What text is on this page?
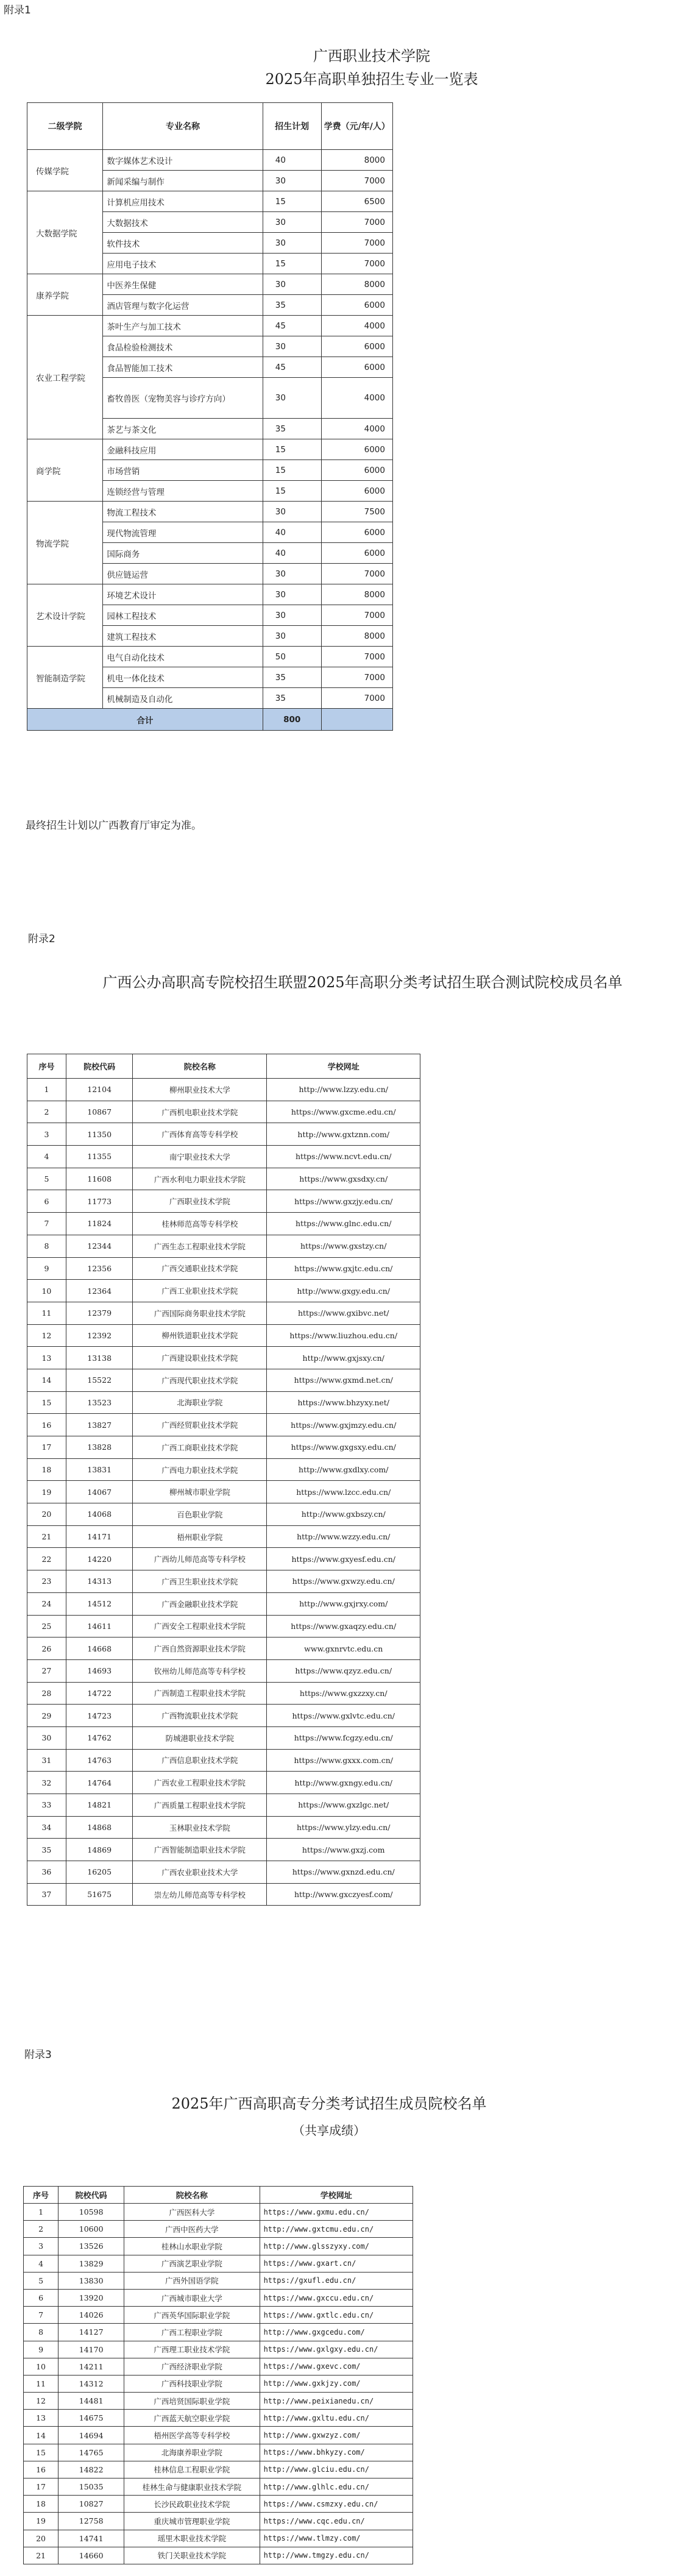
附录1
广西职业技术学院
2025年高职单独招生专业一览表
二级学院	专业名称	招生计划	学费（元/年/人）
传媒学院	数字媒体艺术设计	40	8000
	新闻采编与制作	30	7000
大数据学院	计算机应用技术	15	6500
	大数据技术	30	7000
	软件技术	30	7000
	应用电子技术	15	7000
康养学院	中医养生保健	30	8000
	酒店管理与数字化运营	35	6000
农业工程学院	茶叶生产与加工技术	45	4000
	食品检验检测技术	30	6000
	食品智能加工技术	45	6000
	畜牧兽医（宠物美容与诊疗方向）	30	4000
	茶艺与茶文化	35	4000
商学院	金融科技应用	15	6000
	市场营销	15	6000
	连锁经营与管理	15	6000
物流学院	物流工程技术	30	7500
	现代物流管理	40	6000
	国际商务	40	6000
	供应链运营	30	7000
艺术设计学院	环境艺术设计	30	8000
	园林工程技术	30	7000
	建筑工程技术	30	8000
智能制造学院	电气自动化技术	50	7000
	机电一体化技术	35	7000
	机械制造及自动化	35	7000
合计		800	
最终招生计划以广西教育厅审定为准。
附录2
广西公办高职高专院校招生联盟2025年高职分类考试招生联合测试院校成员名单
序号	院校代码	院校名称	学校网址
1	12104	柳州职业技术大学	http://www.lzzy.edu.cn/
2	10867	广西机电职业技术学院	https://www.gxcme.edu.cn/
3	11350	广西体育高等专科学校	http://www.gxtznn.com/
4	11355	南宁职业技术大学	https://www.ncvt.edu.cn/
5	11608	广西水利电力职业技术学院	https://www.gxsdxy.cn/
6	11773	广西职业技术学院	https://www.gxzjy.edu.cn/
7	11824	桂林师范高等专科学校	https://www.glnc.edu.cn/
8	12344	广西生态工程职业技术学院	https://www.gxstzy.cn/
9	12356	广西交通职业技术学院	https://www.gxjtc.edu.cn/
10	12364	广西工业职业技术学院	http://www.gxgy.edu.cn/
11	12379	广西国际商务职业技术学院	https://www.gxibvc.net/
12	12392	柳州铁道职业技术学院	https://www.liuzhou.edu.cn/
13	13138	广西建设职业技术学院	http://www.gxjsxy.cn/
14	15522	广西现代职业技术学院	https://www.gxmd.net.cn/
15	13523	北海职业学院	https://www.bhzyxy.net/
16	13827	广西经贸职业技术学院	https://www.gxjmzy.edu.cn/
17	13828	广西工商职业技术学院	https://www.gxgsxy.edu.cn/
18	13831	广西电力职业技术学院	http://www.gxdlxy.com/
19	14067	柳州城市职业学院	https://www.lzcc.edu.cn/
20	14068	百色职业学院	http://www.gxbszy.cn/
21	14171	梧州职业学院	http://www.wzzy.edu.cn/
22	14220	广西幼儿师范高等专科学校	https://www.gxyesf.edu.cn/
23	14313	广西卫生职业技术学院	https://www.gxwzy.edu.cn/
24	14512	广西金融职业技术学院	http://www.gxjrxy.com/
25	14611	广西安全工程职业技术学院	https://www.gxaqzy.edu.cn/
26	14668	广西自然资源职业技术学院	www.gxnrvtc.edu.cn
27	14693	钦州幼儿师范高等专科学校	https://www.qzyz.edu.cn/
28	14722	广西制造工程职业技术学院	https://www.gxzzxy.cn/
29	14723	广西物流职业技术学院	https://www.gxlvtc.edu.cn/
30	14762	防城港职业技术学院	https://www.fcgzy.edu.cn/
31	14763	广西信息职业技术学院	https://www.gxxx.com.cn/
32	14764	广西农业工程职业技术学院	http://www.gxngy.edu.cn/
33	14821	广西质量工程职业技术学院	https://www.gxzlgc.net/
34	14868	玉林职业技术学院	https://www.ylzy.edu.cn/
35	14869	广西智能制造职业技术学院	https://www.gxzj.com
36	16205	广西农业职业技术大学	https://www.gxnzd.edu.cn/
37	51675	崇左幼儿师范高等专科学校	http://www.gxczyesf.com/
附录3
2025年广西高职高专分类考试招生成员院校名单
（共享成绩）
序号	院校代码	院校名称	学校网址
1	10598	广西医科大学	https://www.gxmu.edu.cn/
2	10600	广西中医药大学	http://www.gxtcmu.edu.cn/
3	13526	桂林山水职业学院	http://www.glsszyxy.com/
4	13829	广西演艺职业学院	https://www.gxart.cn/
5	13830	广西外国语学院	https://gxufl.edu.cn/
6	13920	广西城市职业大学	https://www.gxccu.edu.cn/
7	14026	广西英华国际职业学院	https://www.gxtlc.edu.cn/
8	14127	广西工程职业学院	http://www.gxgcedu.com/
9	14170	广西理工职业技术学院	https://www.gxlgxy.edu.cn/
10	14211	广西经济职业学院	https://www.gxevc.com/
11	14312	广西科技职业学院	http://www.gxkjzy.com/
12	14481	广西培贤国际职业学院	http://www.peixianedu.cn/
13	14675	广西蓝天航空职业学院	http://www.gxltu.edu.cn/
14	14694	梧州医学高等专科学校	http://www.gxwzyz.com/
15	14765	北海康养职业学院	https://www.bhkyzy.com/
16	14822	桂林信息工程职业学院	http://www.glciu.edu.cn/
17	15035	桂林生命与健康职业技术学院	http://www.glhlc.edu.cn/
18	10827	长沙民政职业技术学院	https://www.csmzxy.edu.cn/
19	12758	重庆城市管理职业学院	https://www.cqc.edu.cn/
20	14741	瑶里木职业技术学院	https://www.tlmzy.com/
21	14660	铁门关职业技术学院	http://www.tmgzy.edu.cn/
